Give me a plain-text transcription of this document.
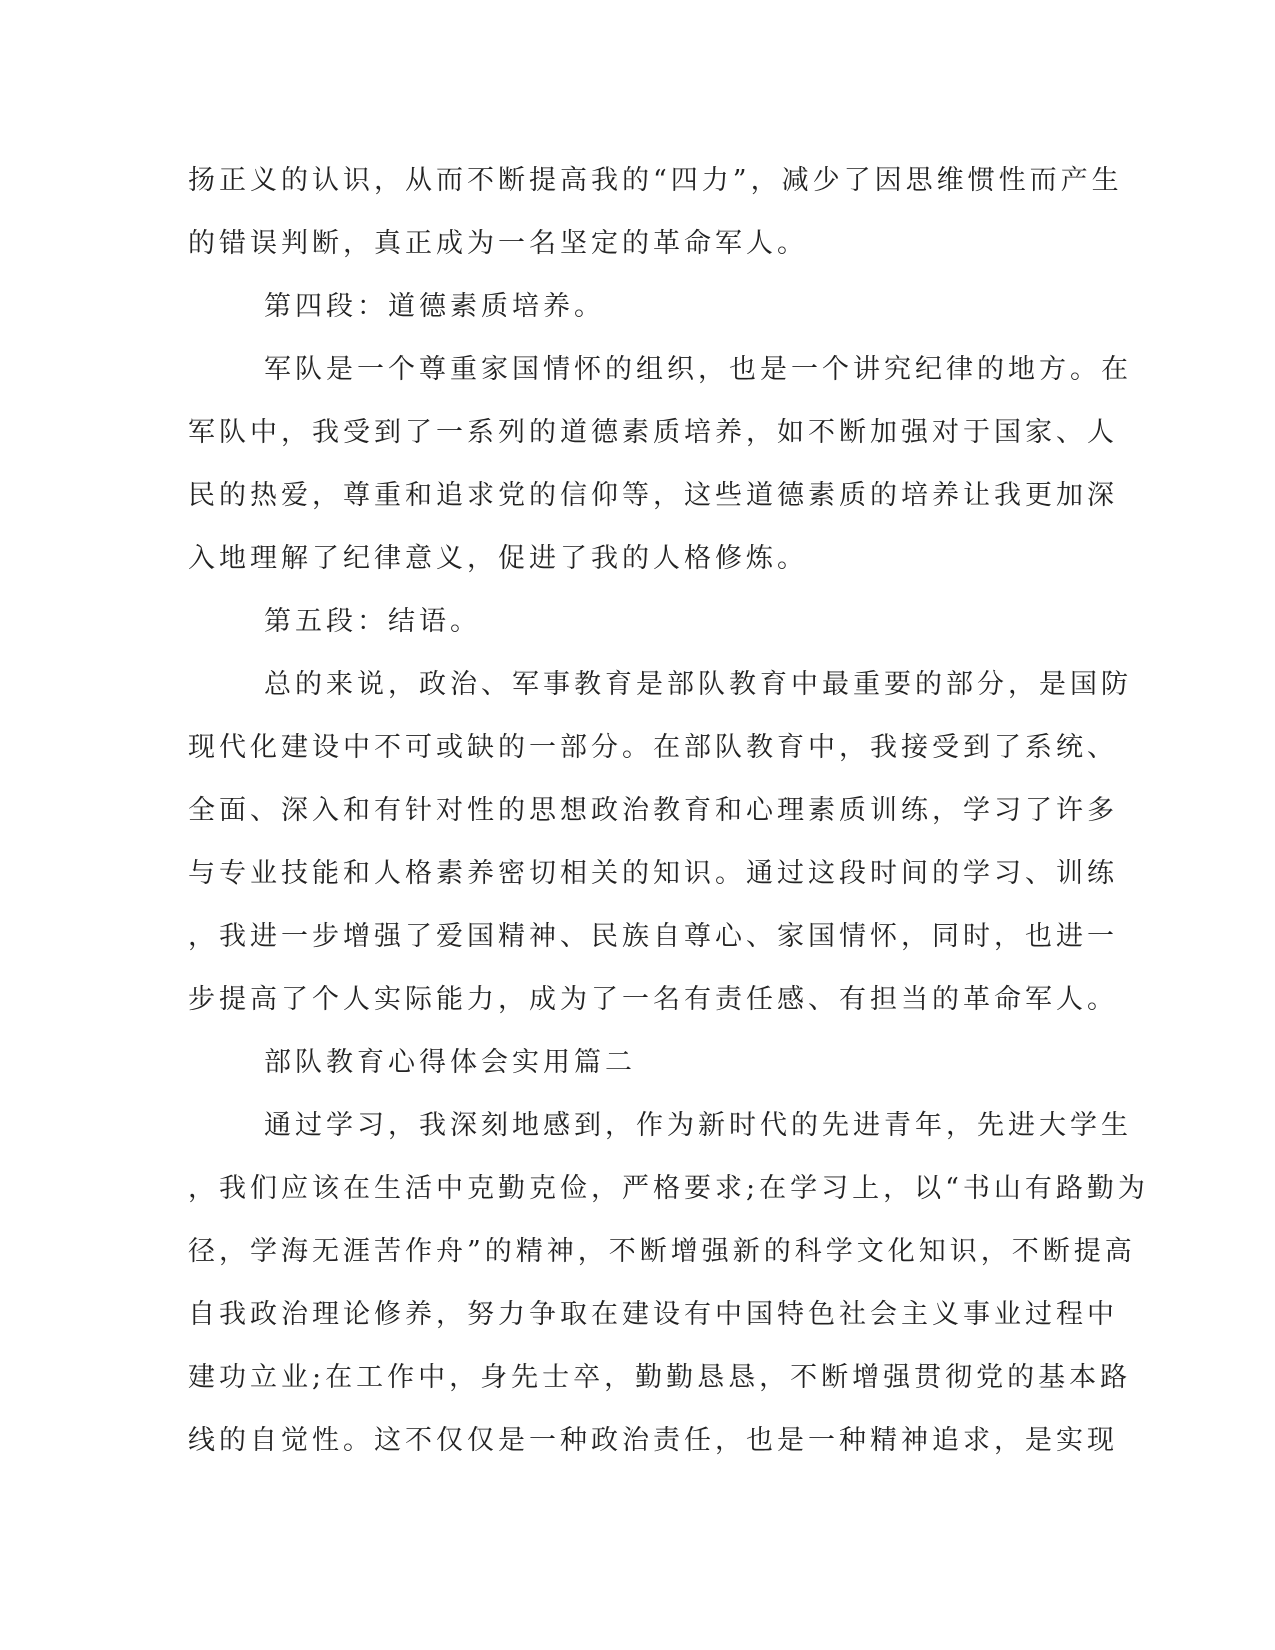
扬正义的认识，从而不断提高我的“四力”，减少了因思维惯性而产生
的错误判断，真正成为一名坚定的革命军人。
第四段：道德素质培养。
军队是一个尊重家国情怀的组织，也是一个讲究纪律的地方。在
军队中，我受到了一系列的道德素质培养，如不断加强对于国家、人
民的热爱，尊重和追求党的信仰等，这些道德素质的培养让我更加深
入地理解了纪律意义，促进了我的人格修炼。
第五段：结语。
总的来说，政治、军事教育是部队教育中最重要的部分，是国防
现代化建设中不可或缺的一部分。在部队教育中，我接受到了系统、
全面、深入和有针对性的思想政治教育和心理素质训练，学习了许多
与专业技能和人格素养密切相关的知识。通过这段时间的学习、训练
，我进一步增强了爱国精神、民族自尊心、家国情怀，同时，也进一
步提高了个人实际能力，成为了一名有责任感、有担当的革命军人。
部队教育心得体会实用篇二
通过学习，我深刻地感到，作为新时代的先进青年，先进大学生
，我们应该在生活中克勤克俭，严格要求;在学习上，以“书山有路勤为
径，学海无涯苦作舟”的精神，不断增强新的科学文化知识，不断提高
自我政治理论修养，努力争取在建设有中国特色社会主义事业过程中
建功立业;在工作中，身先士卒，勤勤恳恳，不断增强贯彻党的基本路
线的自觉性。这不仅仅是一种政治责任，也是一种精神追求，是实现
